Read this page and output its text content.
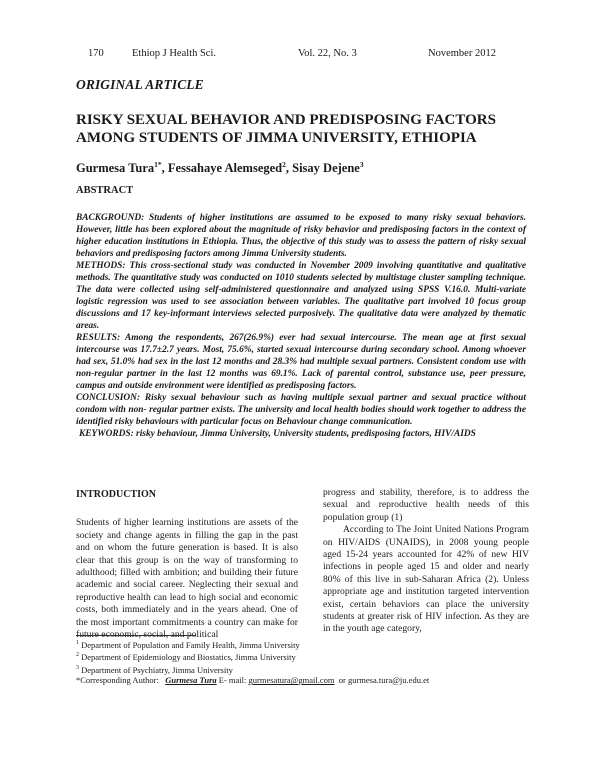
170	Ethiop J Health Sci.	Vol. 22, No. 3	November 2012
ORIGINAL ARTICLE
RISKY SEXUAL BEHAVIOR AND PREDISPOSING FACTORS
AMONG STUDENTS OF JIMMA UNIVERSITY, ETHIOPIA
Gurmesa Tura$^{1*}$, Fessahaye Alemseged$^2$, Sisay Dejene$^3$
ABSTRACT

BACKGROUND: Students of higher institutions are assumed to be exposed to many risky sexual behaviors. However, little has been explored about the magnitude of risky behavior and predisposing factors in the context of higher education institutions in Ethiopia. Thus, the objective of this study was to assess the pattern of risky sexual behaviors and predisposing factors among Jimma University students.

METHODS: This cross-sectional study was conducted in November 2009 involving quantitative and qualitative methods. The quantitative study was conducted on 1010 students selected by multistage cluster sampling technique. The data were collected using self-administered questionnaire and analyzed using SPSS V.16.0. Multi-variate logistic regression was used to see association between variables. The qualitative part involved 10 focus group discussions and 17 key-informant interviews selected purposively. The qualitative data were analyzed by thematic areas.

RESULTS: Among the respondents, 267(26.9%) ever had sexual intercourse. The mean age at first sexual intercourse was 17.7±2.7 years. Most, 75.6%, started sexual intercourse during secondary school. Among whoever had sex, 51.0% had sex in the last 12 months and 28.3% had multiple sexual partners. Consistent condom use with non-regular partner in the last 12 months was 69.1%. Lack of parental control, substance use, peer pressure, campus and outside environment were identified as predisposing factors.

CONCLUSION: Risky sexual behaviour such as having multiple sexual partner and sexual practice without condom with non- regular partner exists. The university and local health bodies should work together to address the identified risky behaviours with particular focus on Behaviour change communication.

KEYWORDS: risky behaviour, Jimma University, University students, predisposing factors, HIV/AIDS

INTRODUCTION

Students of higher learning institutions are assets of the society and change agents in filling the gap in the past and on whom the future generation is based. It is also clear that this group is on the way of transforming to adulthood; filled with ambition; and building their future academic and social career. Neglecting their sexual and reproductive health can lead to high social and economic costs, both immediately and in the years ahead. One of the most important commitments a country can make for future economic, social, and political

progress and stability, therefore, is to address the sexual and reproductive health needs of this population group (1)

According to The Joint United Nations Program on HIV/AIDS (UNAIDS), in 2008 young people aged 15-24 years accounted for 42% of new HIV infections in people aged 15 and older and nearly 80% of this live in sub-Saharan Africa (2). Unless appropriate age and institution targeted intervention exist, certain behaviors can place the university students at greater risk of HIV infection. As they are in the youth age category,

$^1$ Department of Population and Family Health, Jimma University
$^2$ Department of Epidemiology and Biostatics, Jimma University
$^3$ Department of Psychiatry, Jimma University
*Corresponding Author: Gurmesa Tura E- mail: gurmesatura@gmail.com or gurmesa.tura@ju.edu.et
